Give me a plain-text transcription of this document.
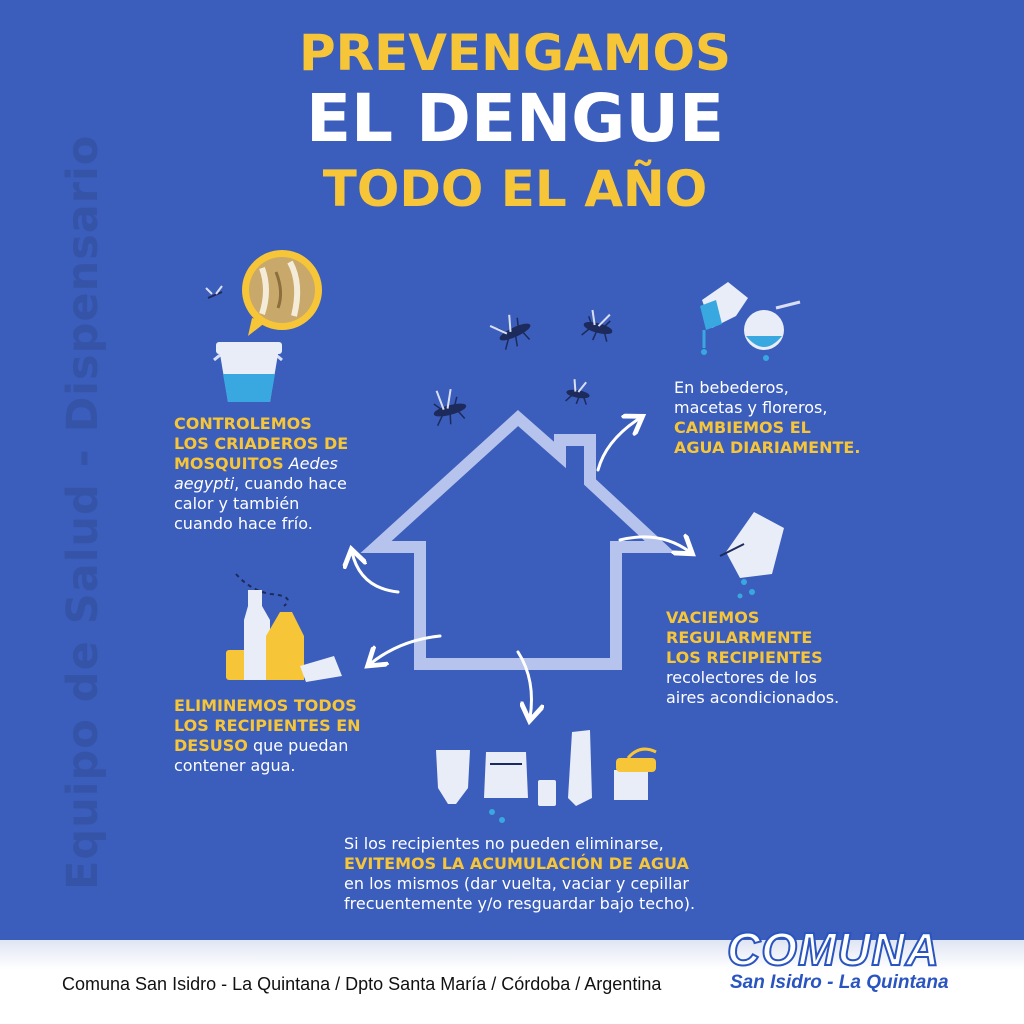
Equipo de Salud - Dispensario
PREVENGAMOS
EL DENGUE
TODO EL AÑO
CONTROLEMOS
LOS CRIADEROS DE
MOSQUITOS Aedes
aegypti, cuando hace
calor y también
cuando hace frío.
En bebederos,
macetas y floreros,
CAMBIEMOS EL
AGUA DIARIAMENTE.
VACIEMOS
REGULARMENTE
LOS RECIPIENTES
recolectores de los
aires acondicionados.
ELIMINEMOS TODOS
LOS RECIPIENTES EN
DESUSO que puedan
contener agua.
Si los recipientes no pueden eliminarse,
EVITEMOS LA ACUMULACIÓN DE AGUA
en los mismos (dar vuelta, vaciar y cepillar
frecuentemente y/o resguardar bajo techo).
Comuna San Isidro - La Quintana / Dpto Santa María / Córdoba / Argentina
COMUNA
San Isidro - La Quintana
